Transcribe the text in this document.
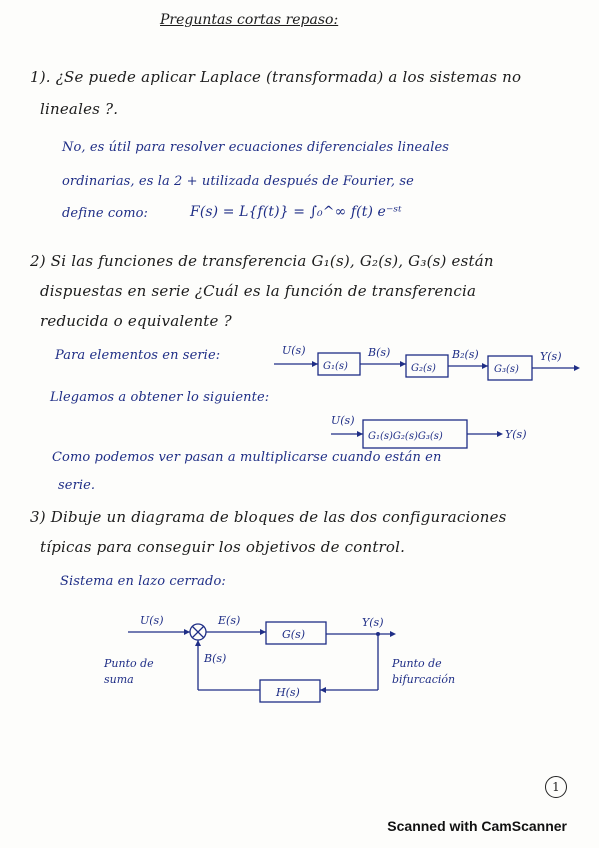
Preguntas cortas repaso:
1). ¿Se puede aplicar Laplace (transformada) a los sistemas no
lineales ?.
No, es útil para resolver ecuaciones diferenciales lineales
ordinarias, es la 2 + utilizada después de Fourier, se
define como:	F(s) = L{f(t)} = ∫₀^∞ f(t) e⁻ˢᵗ
2) Si las funciones de transferencia G₁(s), G₂(s), G₃(s) están
dispuestas en serie ¿Cuál es la función de transferencia
reducida o equivalente ?
Para elementos en serie:
Llegamos a obtener lo siguiente:
Como podemos ver pasan a multiplicarse cuando están en
serie.
U(s)
G₁(s)
B(s)
G₂(s)
B₂(s)
G₃(s)
Y(s)
U(s)
G₁(s)G₂(s)G₃(s)	Y(s)
3) Dibuje un diagrama de bloques de las dos configuraciones
típicas para conseguir los objetivos de control.
Sistema en lazo cerrado:
U(s)	E(s)
G(s)
Y(s)
B(s)
H(s)
Punto de suma
Punto de bifurcación
1
Scanned with CamScanner
